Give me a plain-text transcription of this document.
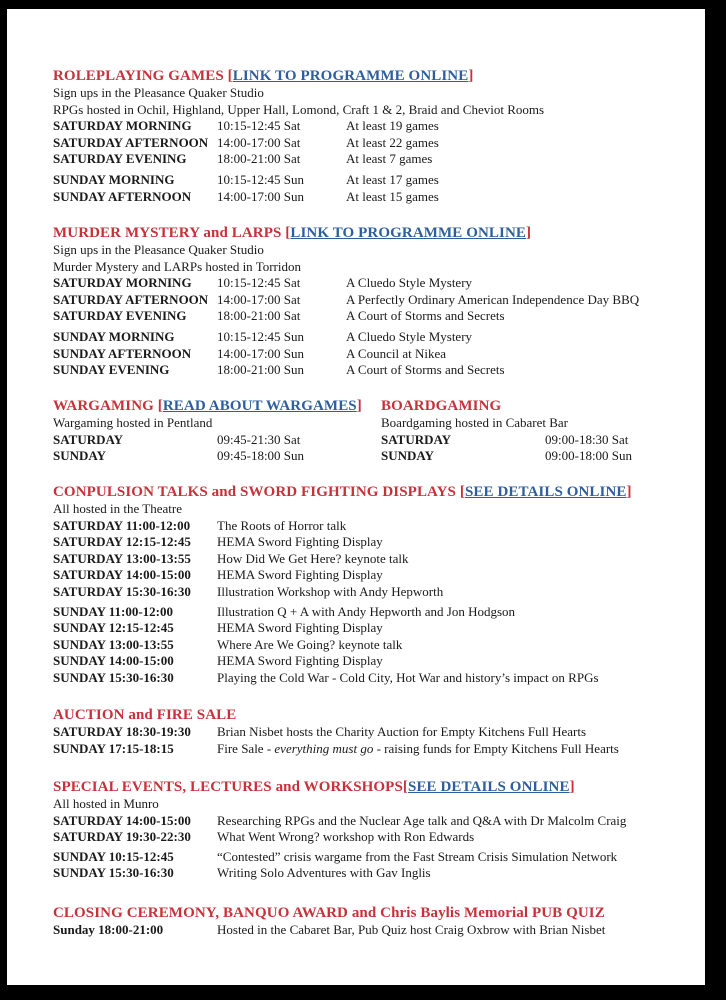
ROLEPLAYING GAMES [LINK TO PROGRAMME ONLINE]
Sign ups in the Pleasance Quaker Studio
RPGs hosted in Ochil, Highland, Upper Hall, Lomond, Craft 1 & 2, Braid and Cheviot Rooms
SATURDAY MORNING 10:15-12:45 Sat	At least 19 games
SATURDAY AFTERNOON 14:00-17:00 Sat	At least 22 games
SATURDAY EVENING 18:00-21:00 Sat	At least 7 games
SUNDAY MORNING	10:15-12:45 Sun	At least 17 games
SUNDAY AFTERNOON 14:00-17:00 Sun	At least 15 games
MURDER MYSTERY and LARPS [LINK TO PROGRAMME ONLINE]
Sign ups in the Pleasance Quaker Studio
Murder Mystery and LARPs hosted in Torridon
SATURDAY MORNING 10:15-12:45 Sat	A Cluedo Style Mystery
SATURDAY AFTERNOON 14:00-17:00 Sat	A Perfectly Ordinary American Independence Day BBQ
SATURDAY EVENING 18:00-21:00 Sat	A Court of Storms and Secrets
SUNDAY MORNING	10:15-12:45 Sun	A Cluedo Style Mystery
SUNDAY AFTERNOON 14:00-17:00 Sun	A Council at Nikea
SUNDAY EVENING	18:00-21:00 Sun	A Court of Storms and Secrets
WARGAMING [READ ABOUT WARGAMES]
Wargaming hosted in Pentland
SATURDAY	09:45-21:30 Sat
SUNDAY	09:45-18:00 Sun
BOARDGAMING
Boardgaming hosted in Cabaret Bar
SATURDAY	09:00-18:30 Sat
SUNDAY	09:00-18:00 Sun
CONPULSION TALKS and SWORD FIGHTING DISPLAYS [SEE DETAILS ONLINE]
All hosted in the Theatre
SATURDAY 11:00-12:00 The Roots of Horror talk
SATURDAY 12:15-12:45 HEMA Sword Fighting Display
SATURDAY 13:00-13:55 How Did We Get Here? keynote talk
SATURDAY 14:00-15:00 HEMA Sword Fighting Display
SATURDAY 15:30-16:30 Illustration Workshop with Andy Hepworth
SUNDAY 11:00-12:00	Illustration Q + A with Andy Hepworth and Jon Hodgson
SUNDAY 12:15-12:45	HEMA Sword Fighting Display
SUNDAY 13:00-13:55	Where Are We Going? keynote talk
SUNDAY 14:00-15:00	HEMA Sword Fighting Display
SUNDAY 15:30-16:30	Playing the Cold War - Cold City, Hot War and history’s impact on RPGs
AUCTION and FIRE SALE
SATURDAY 18:30-19:30 Brian Nisbet hosts the Charity Auction for Empty Kitchens Full Hearts
SUNDAY 17:15-18:15	Fire Sale - everything must go - raising funds for Empty Kitchens Full Hearts
SPECIAL EVENTS, LECTURES and WORKSHOPS[SEE DETAILS ONLINE]
All hosted in Munro
SATURDAY 14:00-15:00 Researching RPGs and the Nuclear Age talk and Q&A with Dr Malcolm Craig
SATURDAY 19:30-22:30 What Went Wrong? workshop with Ron Edwards
SUNDAY 10:15-12:45	“Contested” crisis wargame from the Fast Stream Crisis Simulation Network
SUNDAY 15:30-16:30	Writing Solo Adventures with Gav Inglis
CLOSING CEREMONY, BANQUO AWARD and Chris Baylis Memorial PUB QUIZ
Sunday 18:00-21:00	Hosted in the Cabaret Bar, Pub Quiz host Craig Oxbrow with Brian Nisbet
